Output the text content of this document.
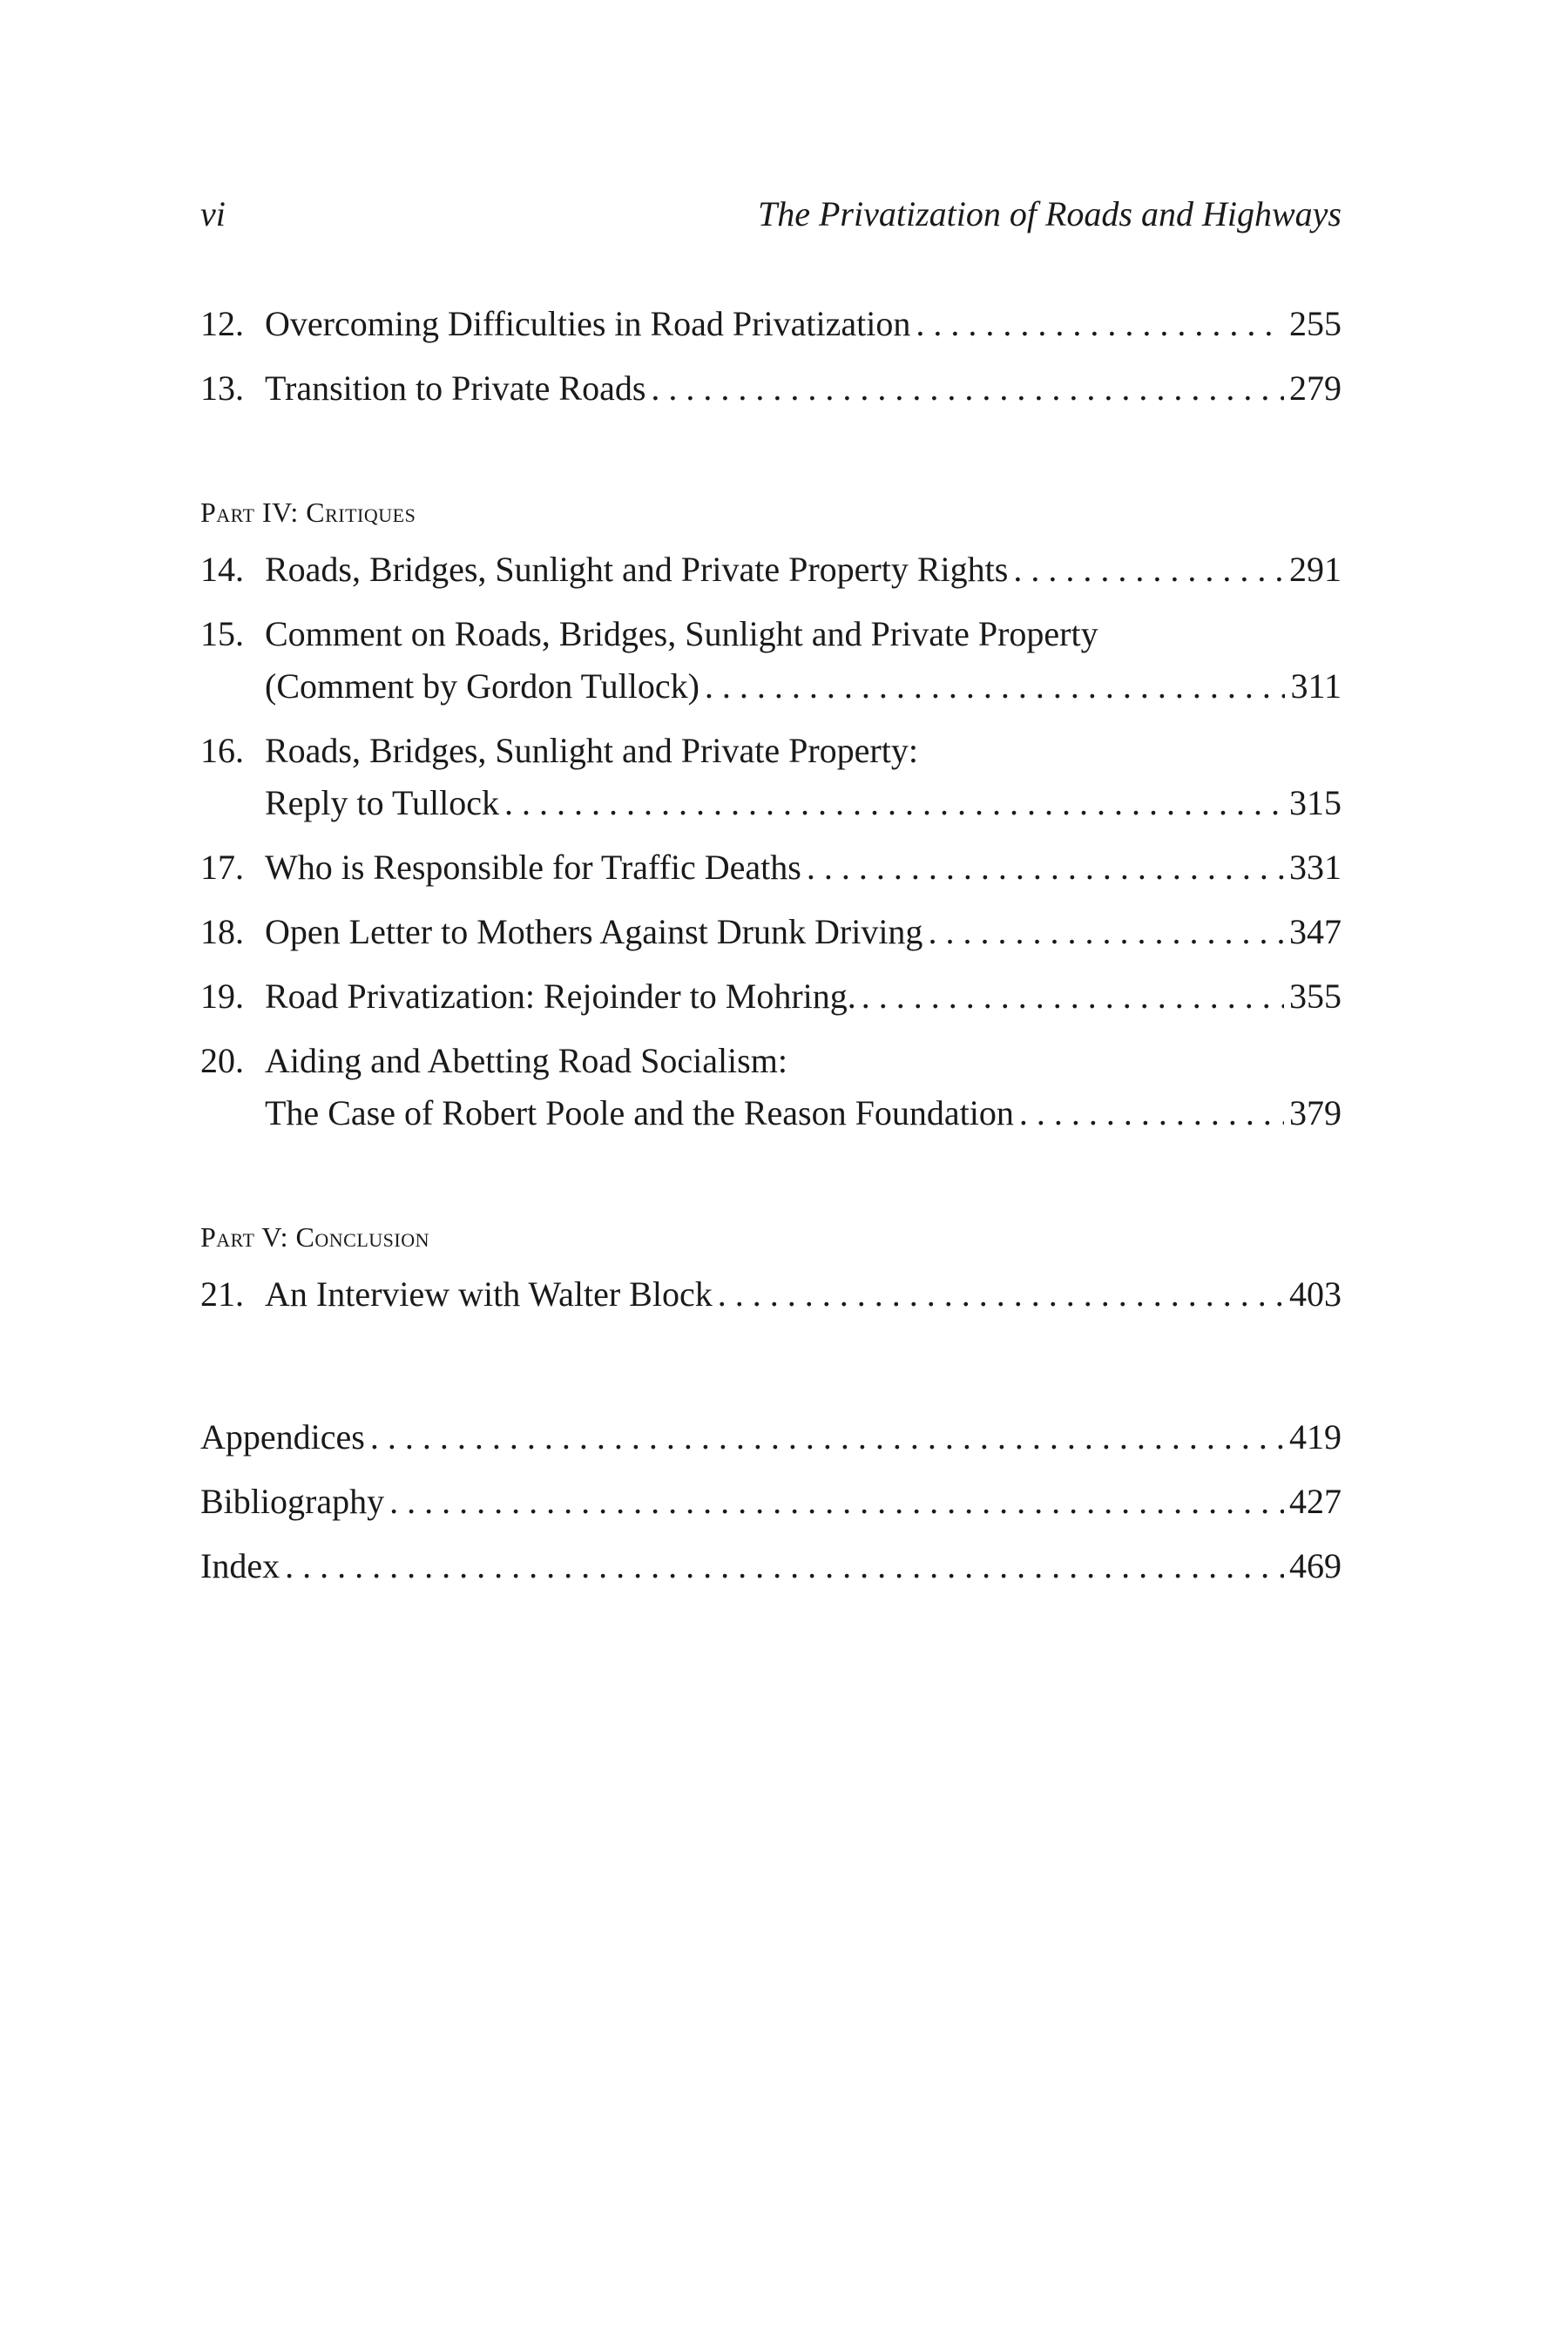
vi	The Privatization of Roads and Highways
12. Overcoming Difficulties in Road Privatization . . .	255
13. Transition to Private Roads . . .	279
Part IV: Critiques
14. Roads, Bridges, Sunlight and Private Property Rights . . .	291
15. Comment on Roads, Bridges, Sunlight and Private Property
(Comment by Gordon Tullock) . . .	311
16. Roads, Bridges, Sunlight and Private Property:
Reply to Tullock . . .	315
17. Who is Responsible for Traffic Deaths . . .	331
18. Open Letter to Mothers Against Drunk Driving . . .	347
19. Road Privatization: Rejoinder to Mohring. . . .	355
20. Aiding and Abetting Road Socialism:
The Case of Robert Poole and the Reason Foundation . . .	379
Part V: Conclusion
21. An Interview with Walter Block . . .	403
Appendices . . .	419
Bibliography . . .	427
Index . . .	469
